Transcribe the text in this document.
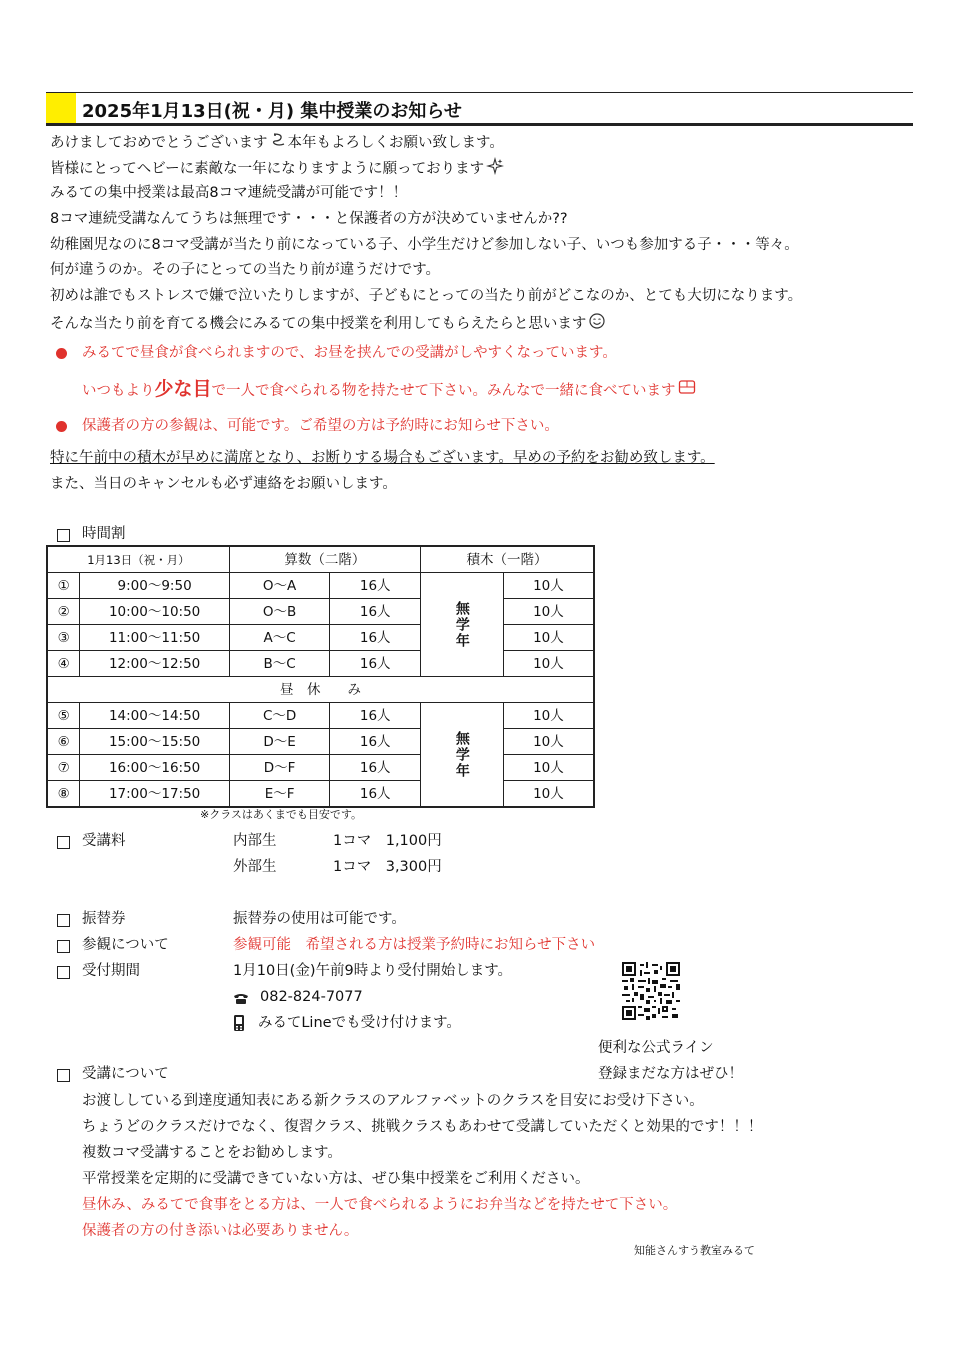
2025年1月13日(祝・月) 集中授業のお知らせ
あけましておめでとうございます 本年もよろしくお願い致します。
皆様にとってヘビーに素敵な一年になりますように願っております
みるての集中授業は最高8コマ連続受講が可能です！！
8コマ連続受講なんてうちは無理です・・・と保護者の方が決めていませんか??
幼稚園児なのに8コマ受講が当たり前になっている子、小学生だけど参加しない子、いつも参加する子・・・等々。
何が違うのか。その子にとっての当たり前が違うだけです。
初めは誰でもストレスで嫌で泣いたりしますが、子どもにとっての当たり前がどこなのか、とても大切になります。
そんな当たり前を育てる機会にみるての集中授業を利用してもらえたらと思います
みるてで昼食が食べられますので、お昼を挟んでの受講がしやすくなっています。
いつもより少な目で一人で食べられる物を持たせて下さい。みんなで一緒に食べています
保護者の方の参観は、可能です。ご希望の方は予約時にお知らせ下さい。
特に午前中の積木が早めに満席となり、お断りする場合もございます。早めの予約をお勧め致します。
また、当日のキャンセルも必ず連絡をお願いします。
時間割
1月13日（祝・月）		算数（二階）		積木（一階）	
①	9:00～9:50	O～A	16人	無学年	10人
②	10:00～10:50	O～B	16人		10人
③	11:00～11:50	A～C	16人		10人
④	12:00～12:50	B～C	16人		10人
昼　休　　み					
⑤	14:00～14:50	C～D	16人	無学年	10人
⑥	15:00～15:50	D～E	16人		10人
⑦	16:00～16:50	D～F	16人		10人
⑧	17:00～17:50	E～F	16人		10人
※クラスはあくまでも目安です。
受講料	内部生	1コマ　1,100円
外部生	1コマ　3,300円
振替券	振替券の使用は可能です。
参観について	参観可能　希望される方は授業予約時にお知らせ下さい
受付期間	1月10日(金)午前9時より受付開始します。
082-824-7077
みるてLineでも受け付けます。
便利な公式ライン
受講について	登録まだな方はぜひ！
お渡ししている到達度通知表にある新クラスのアルファベットのクラスを目安にお受け下さい。
ちょうどのクラスだけでなく、復習クラス、挑戦クラスもあわせて受講していただくと効果的です！！！
複数コマ受講することをお勧めします。
平常授業を定期的に受講できていない方は、ぜひ集中授業をご利用ください。
昼休み、みるてで食事をとる方は、一人で食べられるようにお弁当などを持たせて下さい。
保護者の方の付き添いは必要ありません。
知能さんすう教室みるて
